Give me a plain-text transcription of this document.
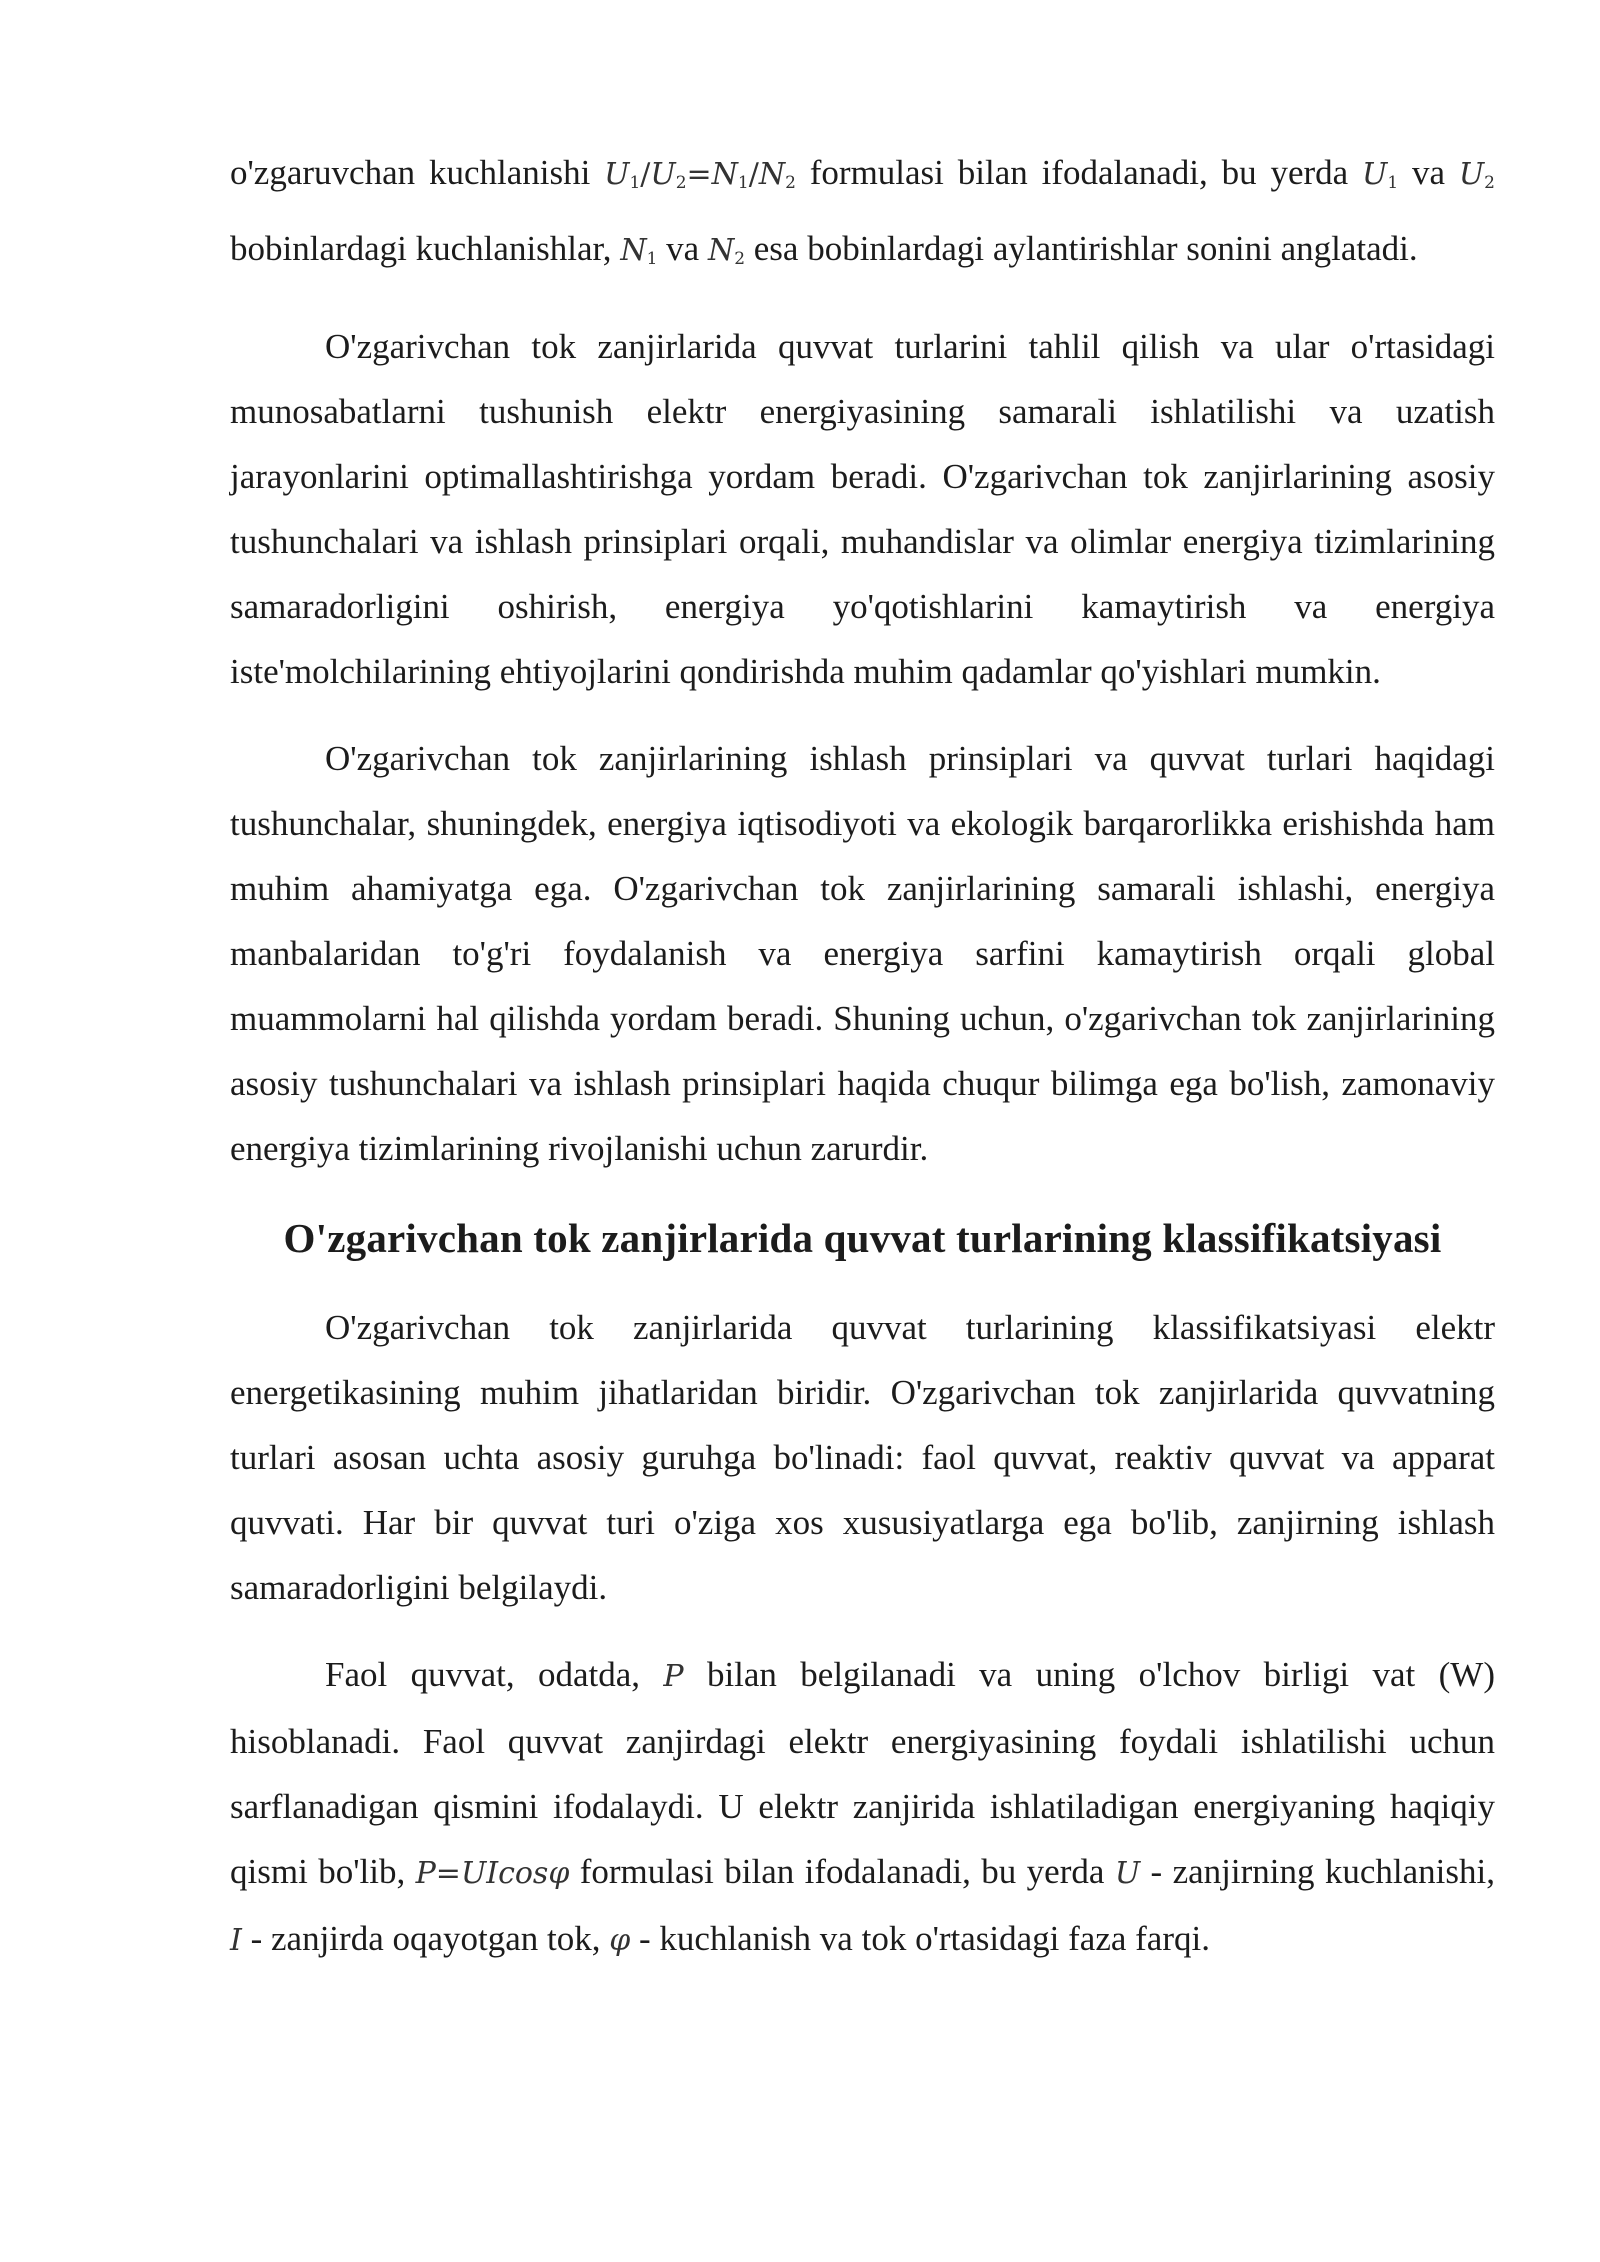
o'zgaruvchan kuchlanishi $U_1/U_2=N_1/N_2$ formulasi bilan ifodalanadi, bu yerda $U_1$ va $U_2$ bobinlardagi kuchlanishlar, $N_1$ va $N_2$ esa bobinlardagi aylantirishlar sonini anglatadi.

O'zgarivchan tok zanjirlarida quvvat turlarini tahlil qilish va ular o'rtasidagi munosabatlarni tushunish elektr energiyasining samarali ishlatilishi va uzatish jarayonlarini optimallashtirishga yordam beradi. O'zgarivchan tok zanjirlarining asosiy tushunchalari va ishlash prinsiplari orqali, muhandislar va olimlar energiya tizimlarining samaradorligini oshirish, energiya yo'qotishlarini kamaytirish va energiya iste'molchilarining ehtiyojlarini qondirishda muhim qadamlar qo'yishlari mumkin.

O'zgarivchan tok zanjirlarining ishlash prinsiplari va quvvat turlari haqidagi tushunchalar, shuningdek, energiya iqtisodiyoti va ekologik barqarorlikka erishishda ham muhim ahamiyatga ega. O'zgarivchan tok zanjirlarining samarali ishlashi, energiya manbalaridan to'g'ri foydalanish va energiya sarfini kamaytirish orqali global muammolarni hal qilishda yordam beradi. Shuning uchun, o'zgarivchan tok zanjirlarining asosiy tushunchalari va ishlash prinsiplari haqida chuqur bilimga ega bo'lish, zamonaviy energiya tizimlarining rivojlanishi uchun zarurdir.

O'zgarivchan tok zanjirlarida quvvat turlarining klassifikatsiyasi

O'zgarivchan tok zanjirlarida quvvat turlarining klassifikatsiyasi elektr energetikasining muhim jihatlaridan biridir. O'zgarivchan tok zanjirlarida quvvatning turlari asosan uchta asosiy guruhga bo'linadi: faol quvvat, reaktiv quvvat va apparat quvvati. Har bir quvvat turi o'ziga xos xususiyatlarga ega bo'lib, zanjirning ishlash samaradorligini belgilaydi.

Faol quvvat, odatda, P bilan belgilanadi va uning o'lchov birligi vat (W) hisoblanadi. Faol quvvat zanjirdagi elektr energiyasining foydali ishlatilishi uchun sarflanadigan qismini ifodalaydi. U elektr zanjirida ishlatiladigan energiyaning haqiqiy qismi bo'lib, P=UIcosφ formulasi bilan ifodalanadi, bu yerda U - zanjirning kuchlanishi, I - zanjirda oqayotgan tok, φ - kuchlanish va tok o'rtasidagi faza farqi.
